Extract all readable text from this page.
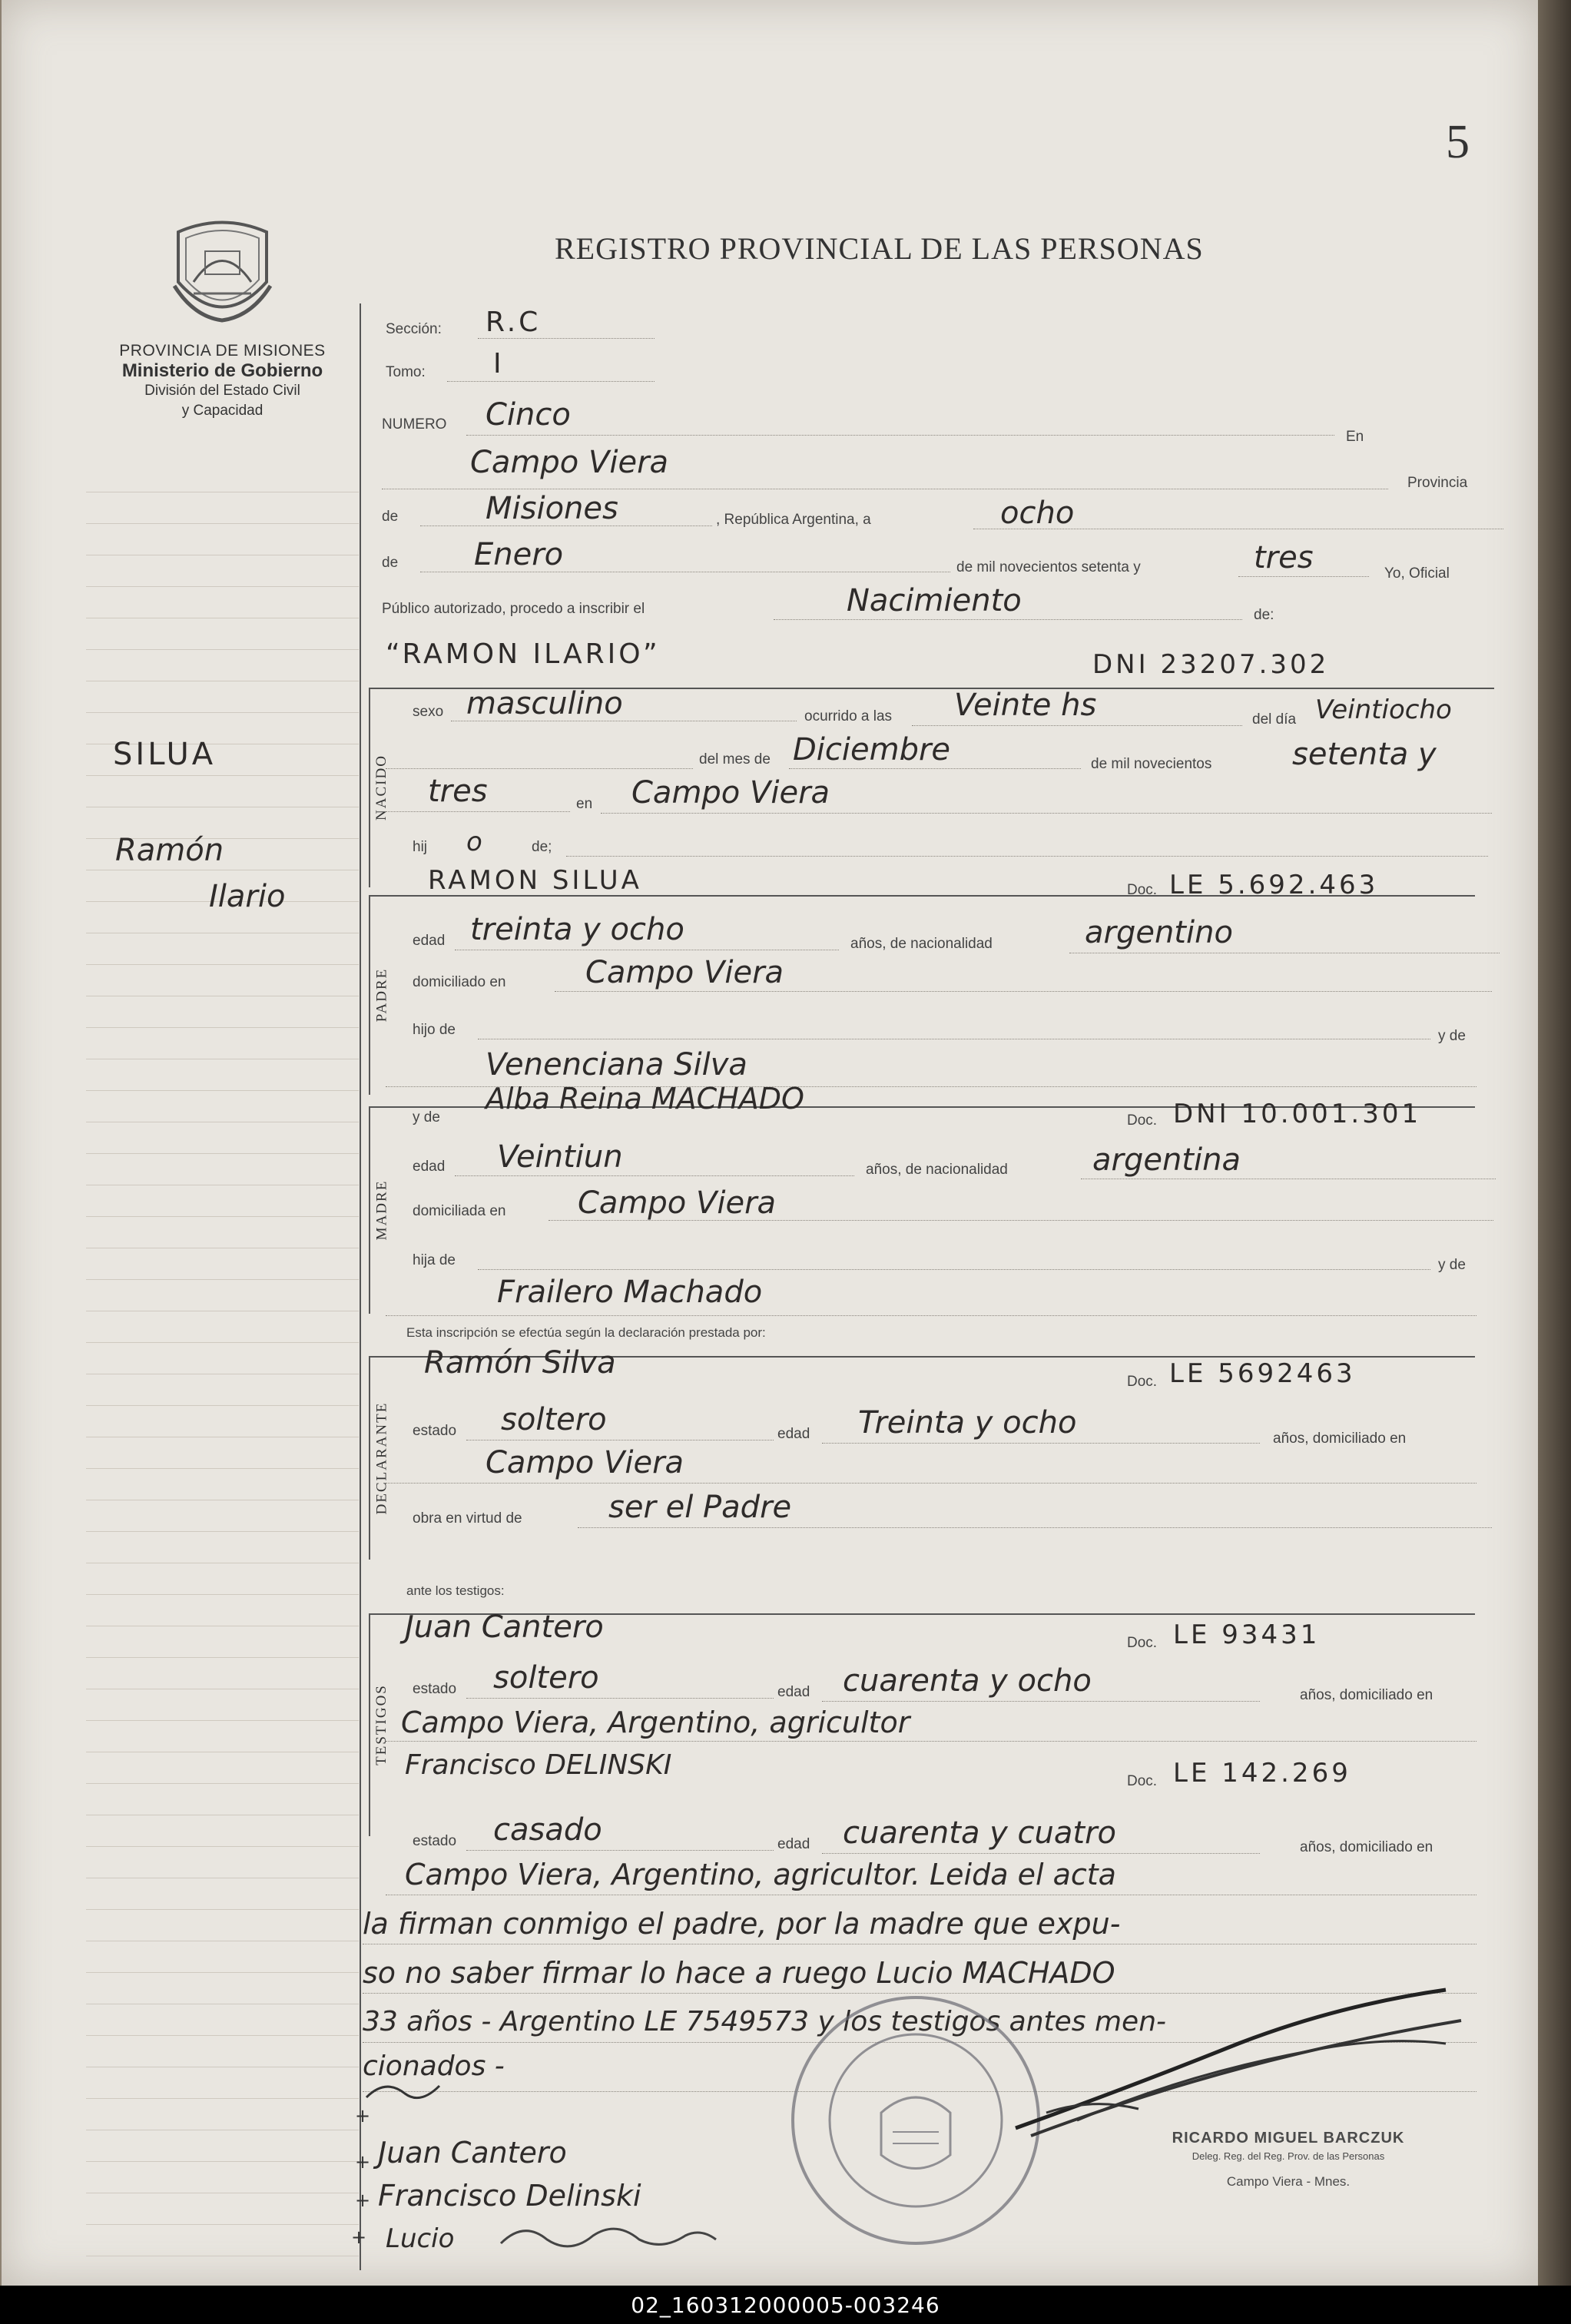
5
REGISTRO PROVINCIAL DE LAS PERSONAS
PROVINCIA DE MISIONES
Ministerio de Gobierno
División del Estado Civil
y Capacidad
SILUA
Ramón
Ilario
NACIDO
PADRE
MADRE
DECLARANTE
TESTIGOS
Sección: R.C
Tomo: I
NUMERO Cinco
En
Campo Viera
Provincia
de	Misiones	, República Argentina, a	ocho
de Enero	de mil novecientos setenta y	tres	Yo, Oficial
Público autorizado, procedo a inscribir el	Nacimiento	de:
“RAMON ILARIO”	DNI 23207.302
sexo masculino	ocurrido a las Veinte hs	del día Veintiocho
del mes de Diciembre	de mil novecientos	setenta y
tres	en Campo Viera
hij o	de;
RAMON SILUA	Doc. LE 5.692.463
edad treinta y ocho	años, de nacionalidad	argentino
domiciliado en	Campo Viera
hijo de	y de
Venenciana Silva
y de
Alba Reina MACHADO
Doc. DNI 10.001.301
edad Veintiun	años, de nacionalidad	argentina
domiciliada en Campo Viera
hija de	y de
Frailero Machado
Esta inscripción se efectúa según la declaración prestada por:
Ramón Silva
Doc. LE 5692463
estado soltero	edad Treinta y ocho	años, domiciliado en
Campo Viera
obra en virtud de	ser el Padre
ante los testigos:
Juan Cantero	Doc. LE 93431
estado soltero	edad cuarenta y ocho	años, domiciliado en
Campo Viera, Argentino, agricultor
Francisco DELINSKI
Doc. LE 142.269
estado casado	edad cuarenta y cuatro	años, domiciliado en
Campo Viera, Argentino, agricultor. Leida el acta
la firman conmigo el padre, por la madre que expu-
so no saber firmar lo hace a ruego Lucio MACHADO
33 años - Argentino LE 7549573 y los testigos antes men-
cionados -
RICARDO MIGUEL BARCZUK
Deleg. Reg. del Reg. Prov. de las Personas
Campo Viera - Mnes.
+
+
+
+
Juan Cantero
Francisco Delinski
Lucio
02_160312000005-003246
